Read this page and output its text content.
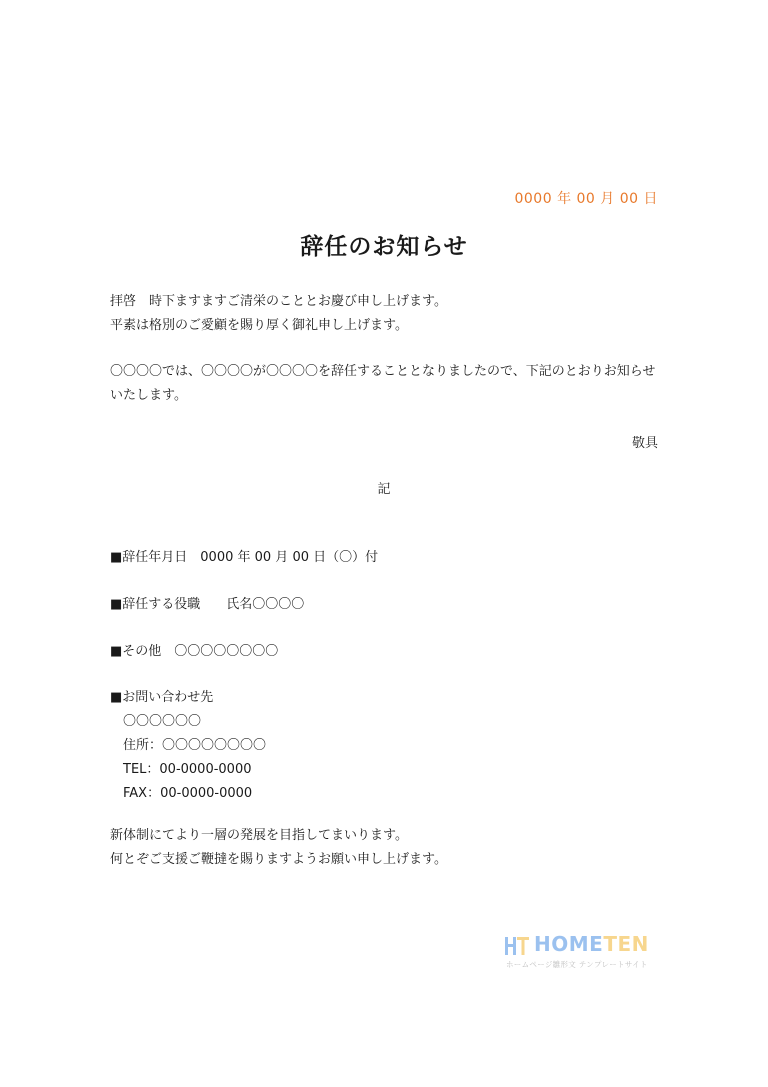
0000 年 00 月 00 日
辞任のお知らせ
拝啓　時下ますますご清栄のこととお慶び申し上げます。
平素は格別のご愛顧を賜り厚く御礼申し上げます。
〇〇〇〇では、〇〇〇〇が〇〇〇〇を辞任することとなりましたので、下記のとおりお知らせいたします。
敬具
記
■辞任年月日　0000 年 00 月 00 日（〇）付
■辞任する役職　　氏名〇〇〇〇
■その他　〇〇〇〇〇〇〇〇
■お問い合わせ先
〇〇〇〇〇〇
住所：〇〇〇〇〇〇〇〇
TEL：00-0000-0000
FAX：00-0000-0000
新体制にてより一層の発展を目指してまいります。
何とぞご支援ご鞭撻を賜りますようお願い申し上げます。
HOMETEN
ホームページ雛形文 テンプレートサイト
